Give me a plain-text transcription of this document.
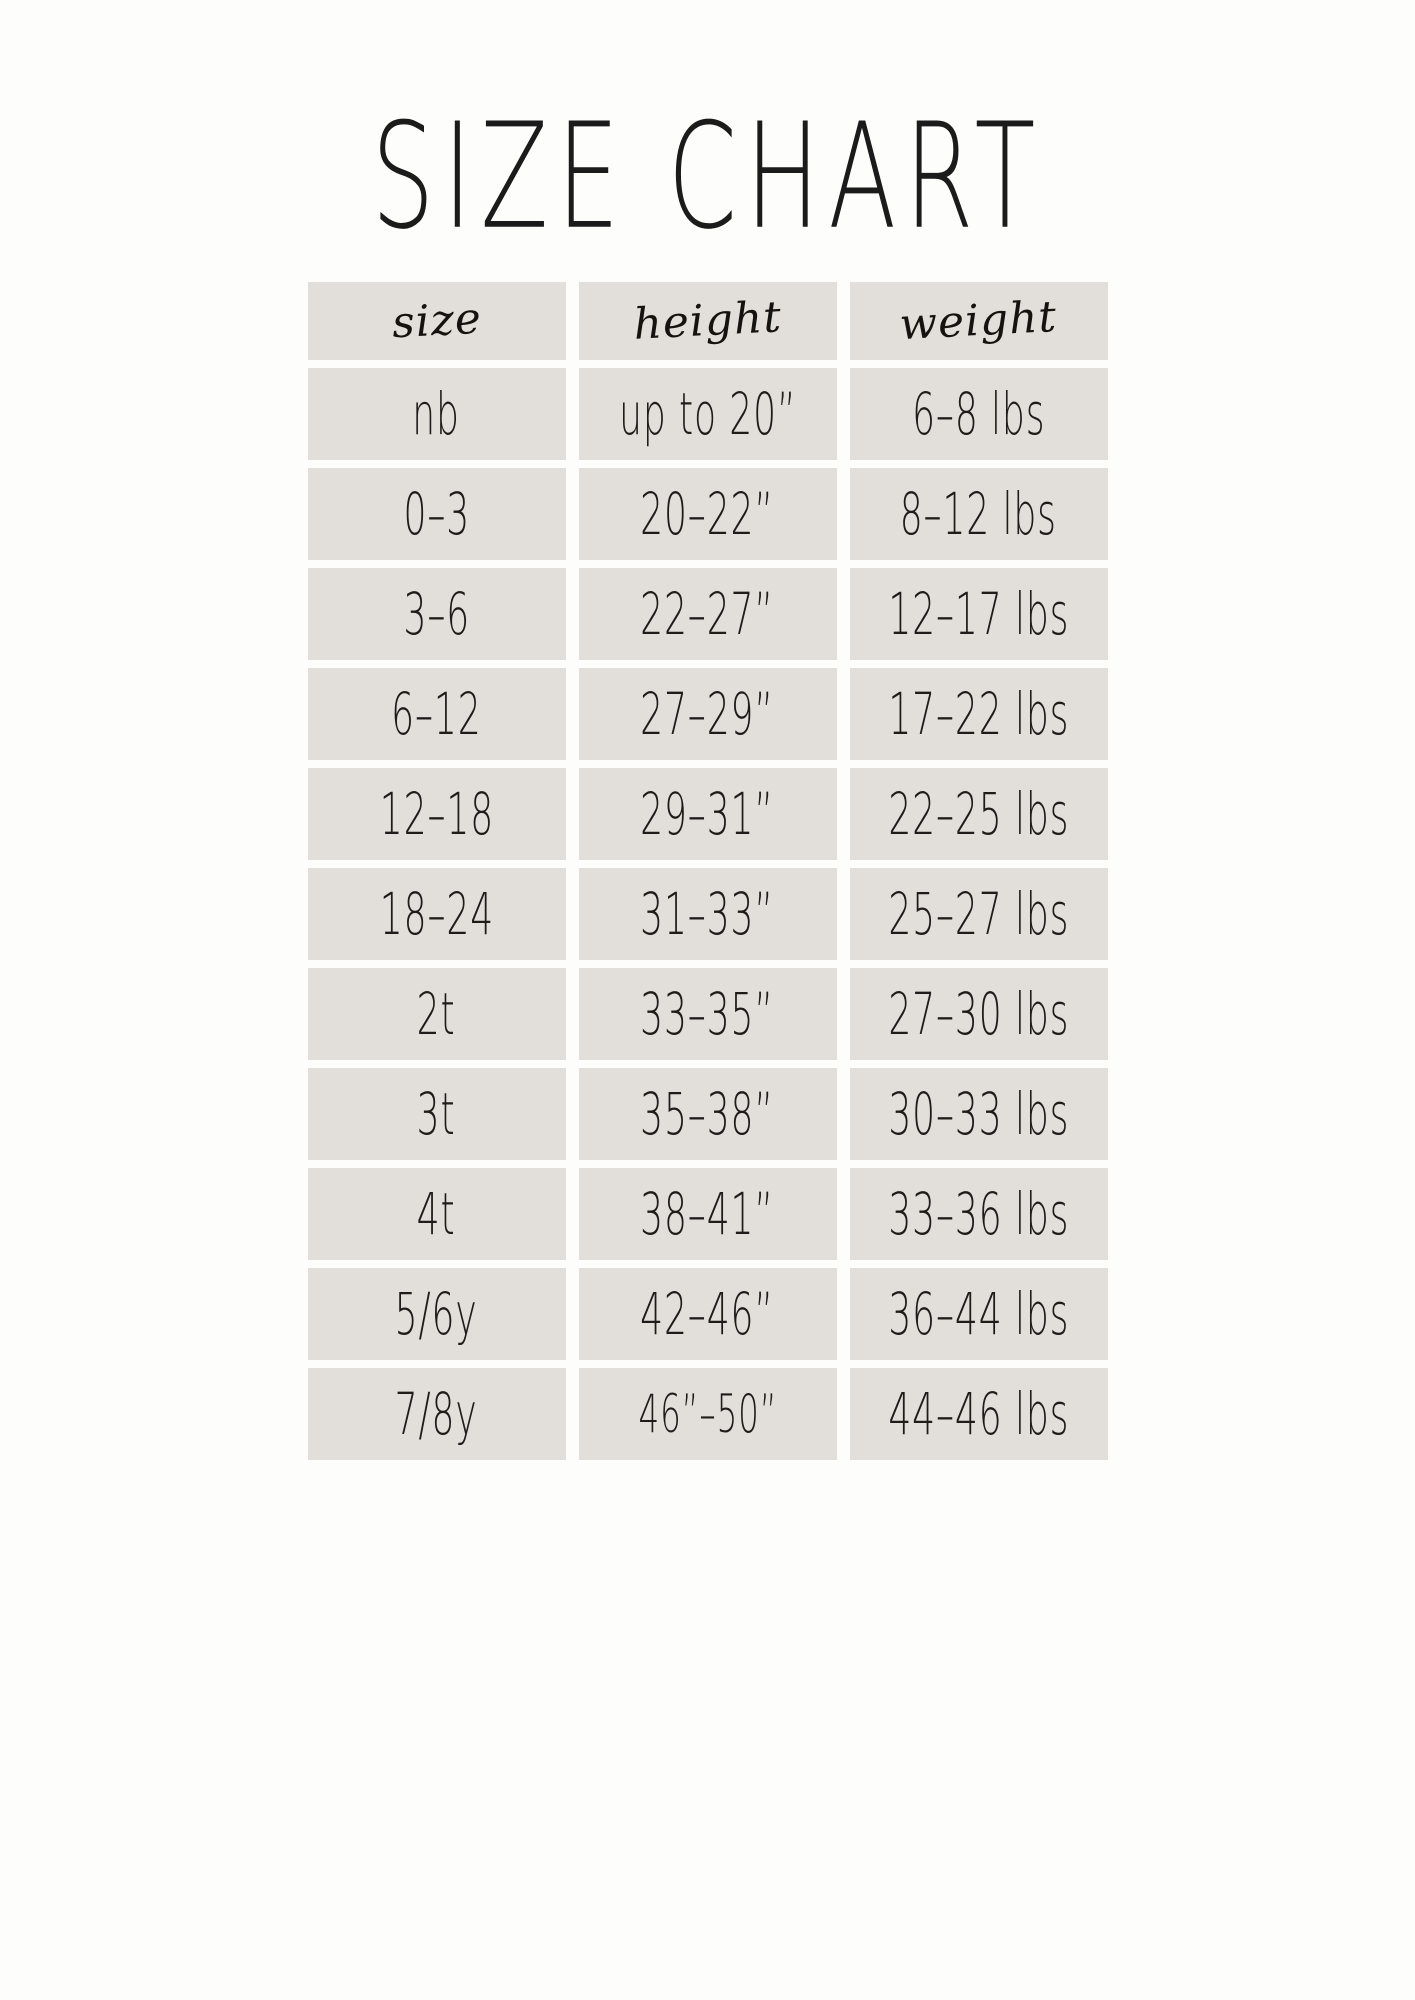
SIZE CHART
size	height	weight
nb	up to 20”	6–8 lbs
0–3	20–22”	8–12 lbs
3–6	22–27”	12–17 lbs
6–12	27–29”	17–22 lbs
12–18	29–31”	22–25 lbs
18–24	31–33”	25–27 lbs
2t	33–35”	27–30 lbs
3t	35–38”	30–33 lbs
4t	38–41”	33–36 lbs
5/6y	42–46”	36–44 lbs
7/8y	46”–50”	44–46 lbs
